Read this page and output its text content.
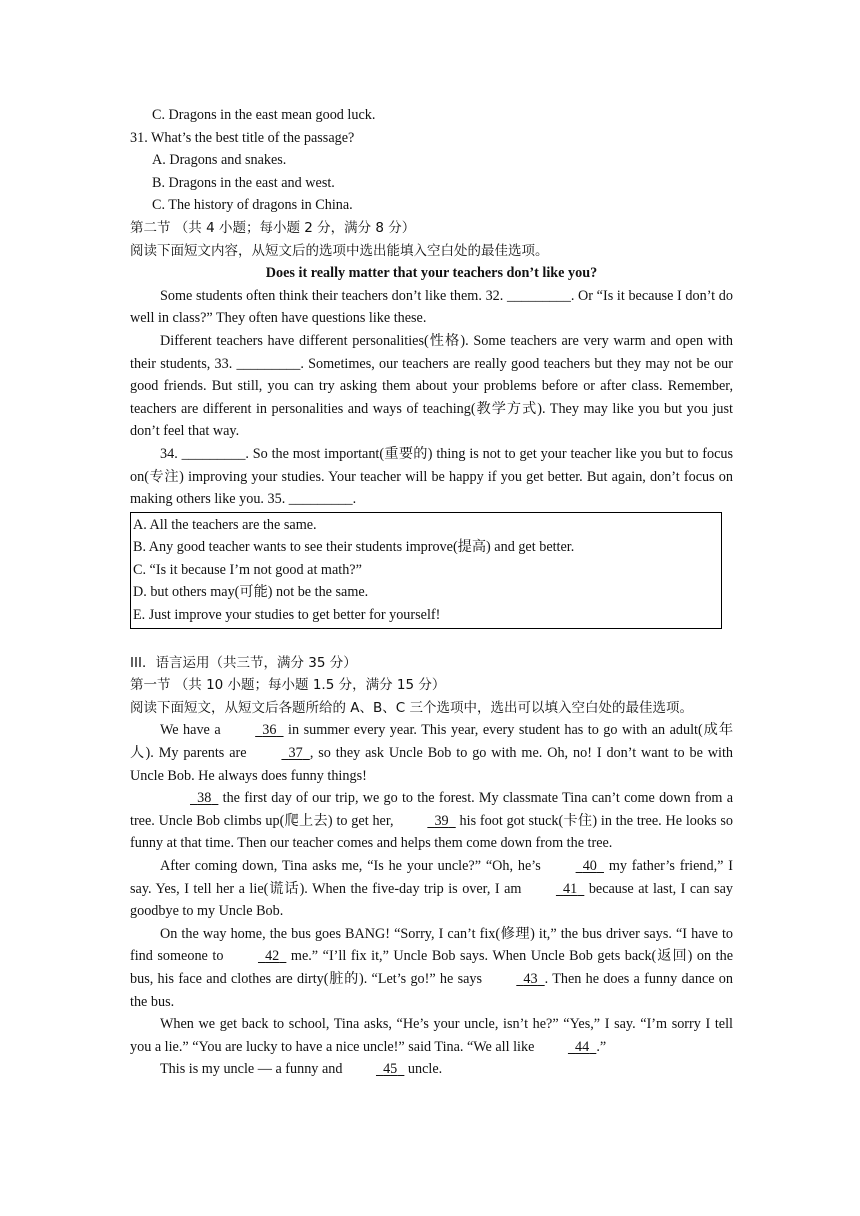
C. Dragons in the east mean good luck.
31. What’s the best title of the passage?
A. Dragons and snakes.
B. Dragons in the east and west.
C. The history of dragons in China.
第二节 （共 4 小题；每小题 2 分，满分 8 分）
阅读下面短文内容，从短文后的选项中选出能填入空白处的最佳选项。
Does it really matter that your teachers don’t like you?
Some students often think their teachers don’t like them. 32. _________. Or “Is it because I don’t do well in class?” They often have questions like these.
Different teachers have different personalities(性格). Some teachers are very warm and open with their students, 33. _________. Sometimes, our teachers are really good teachers but they may not be our good friends. But still, you can try asking them about your problems before or after class. Remember, teachers are different in personalities and ways of teaching(教学方式). They may like you but you just don’t feel that way.
34. _________. So the most important(重要的) thing is not to get your teacher like you but to focus on(专注) improving your studies. Your teacher will be happy if you get better. But again, don’t focus on making others like you. 35. _________.
A. All the teachers are the same.
B. Any good teacher wants to see their students improve(提高) and get better.
C. “Is it because I’m not good at math?”
D. but others may(可能) not be the same.
E. Just improve your studies to get better for yourself!
III．语言运用（共三节，满分 35 分）
第一节 （共 10 小题；每小题 1.5 分，满分 15 分）
阅读下面短文，从短文后各题所给的 A、B、C 三个选项中，选出可以填入空白处的最佳选项。
We have a	36 in summer every year. This year, every student has to go with an adult(成年人). My parents are	37 , so they ask Uncle Bob to go with me. Oh, no! I don’t want to be with Uncle Bob. He always does funny things!
38 the first day of our trip, we go to the forest. My classmate Tina can’t come down from a tree. Uncle Bob climbs up(爬上去) to get her,	39 his foot got stuck(卡住) in the tree. He looks so funny at that time. Then our teacher comes and helps them come down from the tree.
After coming down, Tina asks me, “Is he your uncle?” “Oh, he’s	40 my father’s friend,” I say. Yes, I tell her a lie(谎话). When the five-day trip is over, I am	41 because at last, I can say goodbye to my Uncle Bob.
On the way home, the bus goes BANG! “Sorry, I can’t fix(修理) it,” the bus driver says. “I have to find someone to	42 me.” “I’ll fix it,” Uncle Bob says. When Uncle Bob gets back(返回) on the bus, his face and clothes are dirty(脏的). “Let’s go!” he says	43 . Then he does a funny dance on the bus.
When we get back to school, Tina asks, “He’s your uncle, isn’t he?” “Yes,” I say. “I’m sorry I tell you a lie.” “You are lucky to have a nice uncle!” said Tina. “We all like	44 .”
This is my uncle — a funny and	45 uncle.
